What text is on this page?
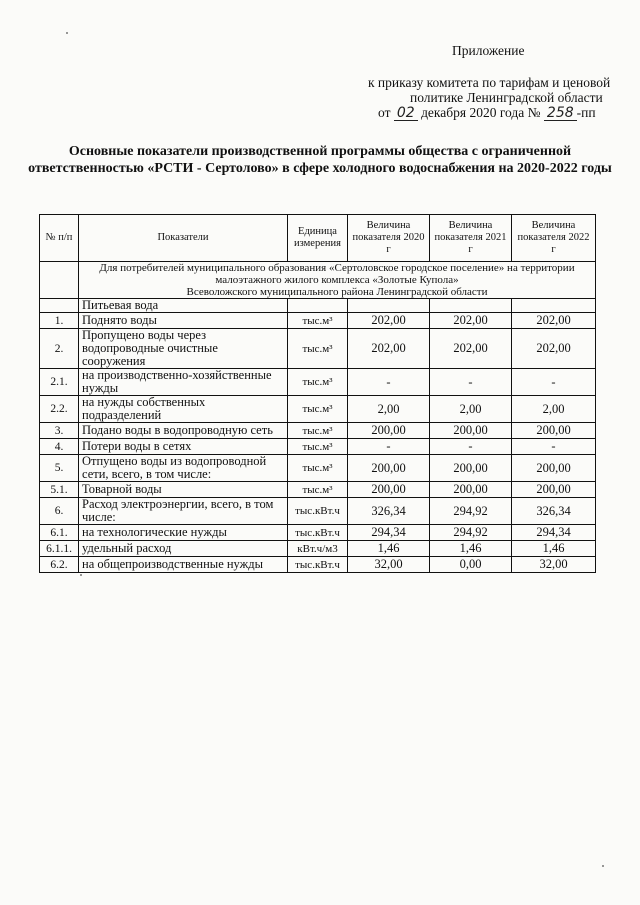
Приложение
к приказу комитета по тарифам и ценовой
политике Ленинградской области
от 02 декабря 2020 года № 258 -пп
Основные показатели производственной программы общества с ограниченной
ответственностью «РСТИ - Сертолово» в сфере холодного водоснабжения на 2020-2022 годы
№ п/п	Показатели	Единица измерения	Величина показателя 2020 г	Величина показателя 2021 г	Величина показателя 2022 г

	Для потребителей муниципального образования «Сертоловское городское поселение» на территории
малоэтажного жилого комплекса «Золотые Купола»
Всеволожского муниципального района Ленинградской области				

	Питьевая вода				
1.	Поднято воды	тыс.м³	202,00	202,00	202,00
2.	Пропущено воды через водопроводные очистные сооружения	тыс.м³	202,00	202,00	202,00
2.1.	на производственно-хозяйственные нужды	тыс.м³	-	-	-
2.2.	на нужды собственных подразделений	тыс.м³	2,00	2,00	2,00
3.	Подано воды в водопроводную сеть	тыс.м³	200,00	200,00	200,00
4.	Потери воды в сетях	тыс.м³	-	-	-
5.	Отпущено воды из водопроводной сети, всего, в том числе:	тыс.м³	200,00	200,00	200,00
5.1.	Товарной воды	тыс.м³	200,00	200,00	200,00
6.	Расход электроэнергии, всего, в том числе:	тыс.кВт.ч	326,34	294,92	326,34
6.1.	на технологические нужды	тыс.кВт.ч	294,34	294,92	294,34
6.1.1.	удельный расход	кВт.ч/м3	1,46	1,46	1,46
6.2.	на общепроизводственные нужды	тыс.кВт.ч	32,00	0,00	32,00
